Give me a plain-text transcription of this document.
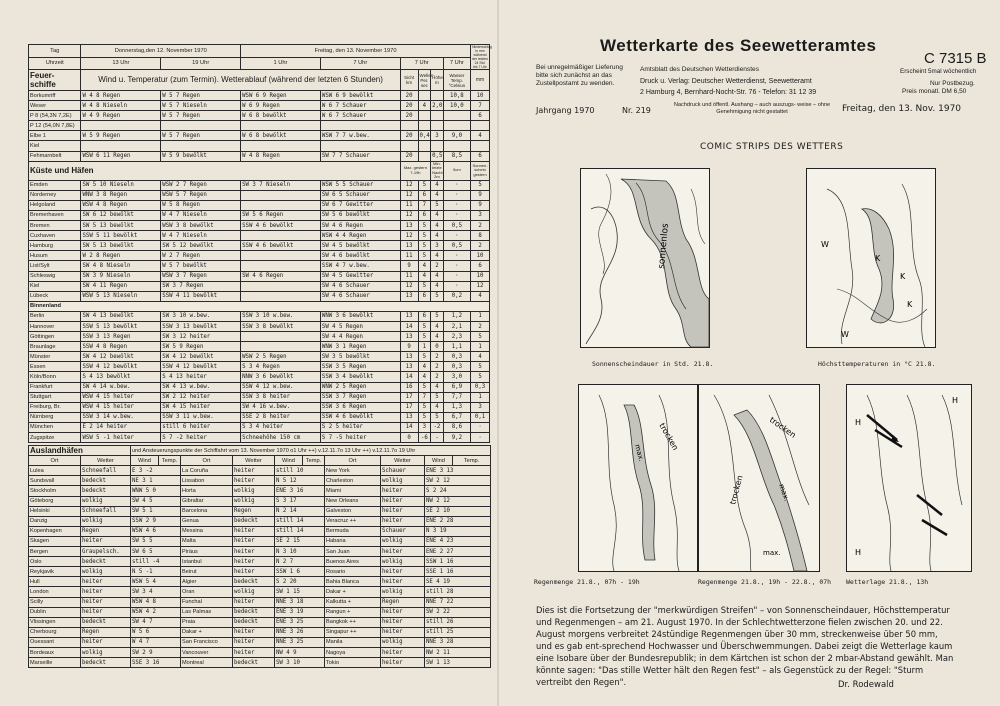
Tag	Donnerstag,den 12. November 1970		Freitag, den 13. November 1970						Niederschlag in mm während der letzten 24 Std. bis 7 Uhr
Uhrzeit	13 Uhr	19 Uhr	1 Uhr	7 Uhr	7 Uhr			7 Uhr	
Feuer- schiffe	Wind u. Temperatur (zum Termin). Wetterablauf (während der letzten 6 Stunden)				Sicht km	Wellen- Per. sec	Höhe m	Wasser Temp. °Celsius	mm
Borkumriff	W 4 8 Regen	W 5 7 Regen	WSW 6 9 Regen	WSW 6 9 bewölkt	20			10,8	10
Weser	W 4 8 Nieseln	W 5 7 Nieseln	W 6 9 Regen	W 6 7 Schauer	20	4	2,0	10,0	7
P 8 (54,3N 7,2E)	W 4 9 Regen	W 5 7 Regen	W 6 8 bewölkt	W 6 7 Schauer	20				6
P 12 (54,0N 7,8E)									
Elbe 1	W 5 9 Regen	W 5 7 Regen	W 6 8 bewölkt	WSW 7 7 w.bew.	20	0,4	3	9,0	4
Kiel									
Fehmarnbelt	WSW 6 11 Regen	W 5 9 bewölkt	W 4 8 Regen	SW 7 7 Schauer	20		0,5	8,5	6
Küste und Häfen					Max. gestern 7-19h		Min. letzte Nacht 2m	5cm	Sonnen- schein gestern
Emden	SW 5 10 Nieseln	WSW 2 7 Regen	SW 3 7 Nieseln	WSW 5 5 Schauer	12	5	4	·	5
Norderney	WNW 3 8 Regen	WSW 5 7 Regen		SW 6 5 Schauer	12	6	4	·	9
Helgoland	WSW 4 8 Regen	W 5 8 Regen		SW 6 7 Gewitter	11	7	5	·	9
Bremerhaven	SW 6 12 bewölkt	W 4 7 Nieseln	SW 5 6 Regen	SW 5 6 bewölkt	12	6	4	·	3
Bremen	SW 5 13 bewölkt	WSW 3 8 bewölkt	SSW 4 6 bewölkt	SW 4 6 Regen	13	5	4	0,5	2
Cuxhaven	SSW 5 11 bewölkt	W 4 7 Nieseln		WSW 4 4 Regen	12	5	4	·	8
Hamburg	SW 5 13 bewölkt	SW 5 12 bewölkt	SSW 4 6 bewölkt	SW 4 5 bewölkt	13	5	3	0,5	2
Husum	W 2 8 Regen	W 2 7 Regen		SW 4 6 bewölkt	11	5	4	·	10
List/Sylt	SW 4 8 Nieseln	W 5 7 bewölkt		SSW 4 7 w.bew.	9	4	2	·	6
Schleswig	SW 3 9 Nieseln	WSW 3 7 Regen	SW 4 6 Regen	SW 4 5 Gewitter	11	4	4	·	10
Kiel	SW 4 11 Regen	SW 3 7 Regen		SW 4 6 Schauer	12	5	4	·	12
Lübeck	WSW 5 13 Nieseln	SSW 4 11 bewölkt		SW 4 6 Schauer	13	6	5	0,2	4
Binnenland									
Berlin	SW 4 13 bewölkt	SW 3 10 w.bew.	SSW 3 10 w.bew.	WNW 3 6 bewölkt	13	6	5	1,2	1
Hannover	SSW 5 13 bewölkt	SSW 3 13 bewölkt	SSW 3 8 bewölkt	SW 4 5 Regen	14	5	4	2,1	2
Göttingen	SSW 3 13 Regen	SW 3 12 heiter		SW 4 4 Regen	13	5	4	2,3	5
Braunlage	SSW 4 8 Regen	SW 5 9 Regen		WNW 3 1 Regen	9	1	0	1,1	1
Münster	SW 4 12 bewölkt	SW 4 12 bewölkt	WSW 2 5 Regen	SW 3 5 bewölkt	13	5	2	0,3	4
Essen	SSW 4 12 bewölkt	SSW 4 12 bewölkt	S 3 4 Regen	SSW 3 5 Regen	13	4	2	0,3	5
Köln/Bonn	S 4 13 bewölkt	S 4 13 heiter	NNW 3 6 bewölkt	SSW 3 4 bewölkt	14	4	2	3,0	5
Frankfurt	SW 4 14 w.bew.	SW 4 13 w.bew.	SSW 4 12 w.bew.	WNW 2 5 Regen	16	5	4	6,9	0,3
Stuttgart	WSW 4 15 heiter	SW 2 12 heiter	SSW 3 8 heiter	SSW 3 7 Regen	17	7	5	7,7	1
Freiburg, Br.	WSW 4 15 heiter	SW 4 15 heiter	SW 4 16 w.bew.	SSW 3 6 Regen	17	5	4	1,3	3
Nürnberg	SSW 3 14 w.bew.	SSW 3 11 w.bew.	SSE 2 8 heiter	SSW 4 6 bewölkt	13	5	5	6,7	0,1
München	E 2 14 heiter	still 6 heiter	S 3 4 heiter	S 2 5 heiter	14	3	-2	8,6	·
Zugspitze	WSW 5 -1 heiter	S 7 -2 heiter	Schneehöhe 150 cm	S 7 -5 heiter	0	-6	-	9,2	·
Auslandhäfen		und Ansteuerungspunkte der Schiffahrt vom 13. November 1970 o1 Uhr ++) v.12.11.7o 13 Uhr ++) v.12.11.7o 19 Uhr									
Ort	Wetter	Wind	Temp.	Ort	Wetter	Wind	Temp.	Ort	Wetter	Wind	Temp.
Lulea	Schneefall	E 3 -2		La Coruña	heiter	still 10		New York	Schauer	ENE 3 13	
Sundsvall	bedeckt	NE 3 1		Lissabon	heiter	N 5 12		Charleston	wolkig	SW 2 12	
Stockholm	bedeckt	WNW 5 0		Horta	wolkig	ENE 3 16		Miami	heiter	S 2 24	
Göteborg	wolkig	SW 4 5		Gibraltar	wolkig	S 3 17		New Orleans	heiter	NW 2 12	
Helsinki	Schneefall	SW 5 1		Barcelona	Regen	N 2 14		Galveston	heiter	SE 2 10	
Danzig	wolkig	SSW 2 9		Genua	bedeckt	still 14		Veracruz ++	heiter	ENE 2 28	
Kopenhagen	Regen	WSW 4 6		Messina	heiter	still 14		Bermuda	Schauer	N 3 19	
Skagen	heiter	SW 5 5		Malta	heiter	SE 2 15		Habana	wolkig	ENE 4 23	
Bergen	Graupelsch.	SW 6 5		Piräus	heiter	N 3 10		San Juan	heiter	ENE 2 27	
Oslo	bedeckt	still -4		Istanbul	heiter	N 2 7		Buenos Aires	wolkig	SSW 1 16	
Reykjavik	wolkig	N 5 -1		Beirut	heiter	SSW 1 6		Rosario	heiter	SSE 1 16	
Hull	heiter	WSW 5 4		Algier	bedeckt	S 2 20		Bahia Blanca	heiter	SE 4 19	
London	heiter	SW 3 4		Oran	wolkig	SW 1 15		Dakar +	wolkig	still 28	
Scilly	heiter	WSW 4 8		Funchal	heiter	NNE 3 18		Kalkutta +	Regen	NNE 7 22	
Dublin	heiter	WSW 4 2		Las Palmas	bedeckt	ENE 3 19		Rangun +	heiter	SW 2 22	
Vlissingen	bedeckt	SW 4 7		Praia	bedeckt	ENE 3 25		Bangkok ++	heiter	still 26	
Cherbourg	Regen	W 5 6		Dakar +	heiter	NNE 3 26		Singapur ++	heiter	still 25	
Ouessant	heiter	W 4 7		San Francisco	heiter	NNE 3 25		Manila	wolkig	NNE 3 28	
Bordeaux	wolkig	SW 2 9		Vancouver	heiter	NW 4 9		Nagoya	heiter	NW 2 11	
Marseille	bedeckt	SSE 3 16		Montreal	bedeckt	SW 3 10		Tokio	heiter	SW 1 13	
Wetterkarte des Seewetteramtes
C 7315 B
Erscheint 5mal wöchentlich
Nur Postbezug.
Preis monatl. DM 6,50
Bei unregelmäßiger Lieferung bitte sich zunächst an das Zustellpostamt zu wenden.
Amtsblatt des Deutschen Wetterdienstes
Druck u. Verlag: Deutscher Wetterdienst, Seewetteramt
2 Hamburg 4, Bernhard-Nocht-Str. 76 - Telefon: 31 12 39
Jahrgang 1970	Nr. 219
Nachdruck und öffentl. Aushang – auch auszugs- weise – ohne Genehmigung nicht gestattet	Freitag, den 13. Nov. 1970
COMIC STRIPS DES WETTERS
sonnenlos
Sonnenscheindauer in Std. 21.8.
W
K
K
K
W
Höchsttemperaturen in °C 21.8.
trocken
max.
Regenmenge 21.8., 07h - 19h
trocken
trocken	max.
max.
Regenmenge 21.8., 19h - 22.8., 07h
H
H
H
Wetterlage 21.8., 13h
Dies ist die Fortsetzung der "merkwürdigen Streifen" – von Sonnenscheindauer, Höchsttemperatur und Regenmengen – am 21. August 1970. In der Schlechtwetterzone fielen zwischen 20. und 22. August morgens verbreitet 24stündige Regenmengen über 30 mm, streckenweise über 50 mm, und es gab ent-sprechend Hochwasser und Überschwemmungen. Dabei zeigt die Wetterlage kaum eine Isobare über der Bundesrepublik; in dem Kärtchen ist schon der 2 mbar-Abstand gewählt. Man könnte sagen: "Das stille Wetter hält den Regen fest" – als Gegenstück zu der Regel: "Sturm vertreibt den Regen".	Dr. Rodewald
